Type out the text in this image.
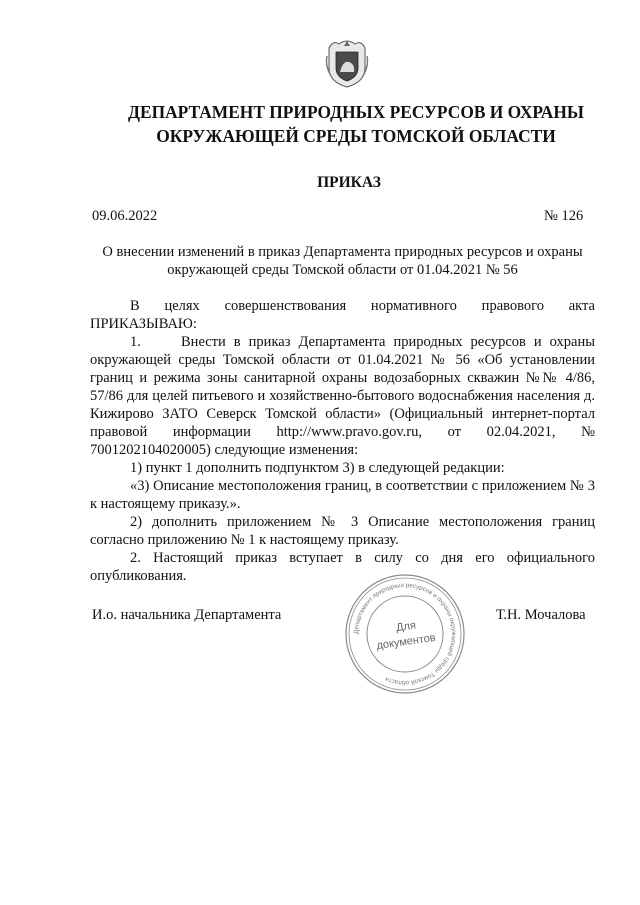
ДЕПАРТАМЕНТ ПРИРОДНЫХ РЕСУРСОВ И ОХРАНЫ
ОКРУЖАЮЩЕЙ СРЕДЫ ТОМСКОЙ ОБЛАСТИ
ПРИКАЗ
09.06.2022	№ 126
О внесении изменений в приказ Департамента природных ресурсов и охраны
окружающей среды Томской области от 01.04.2021 № 56

В целях совершенствования нормативного правового акта ПРИКАЗЫВАЮ:

1.     Внести в приказ Департамента природных ресурсов и охраны окружающей среды Томской области от 01.04.2021 № 56 «Об установлении границ и режима зоны санитарной охраны водозаборных скважин №№ 4/86, 57/86 для целей питьевого и хозяйственно-бытового водоснабжения населения д. Кижирово ЗАТО Северск Томской области» (Официальный интернет-портал правовой информации http://www.pravo.gov.ru, от 02.04.2021, № 7001202104020005) следующие изменения:

1) пункт 1 дополнить подпунктом 3) в следующей редакции:

«3) Описание местоположения границ, в соответствии с приложением № 3 к настоящему приказу.».

2) дополнить приложением № 3 Описание местоположения границ согласно приложению № 1 к настоящему приказу.

2. Настоящий приказ вступает в силу со дня его официального опубликования.

И.о. начальника Департамента	Т.Н. Мочалова
Департамент природных ресурсов и охраны окружающей среды Томской области
Для
документов
